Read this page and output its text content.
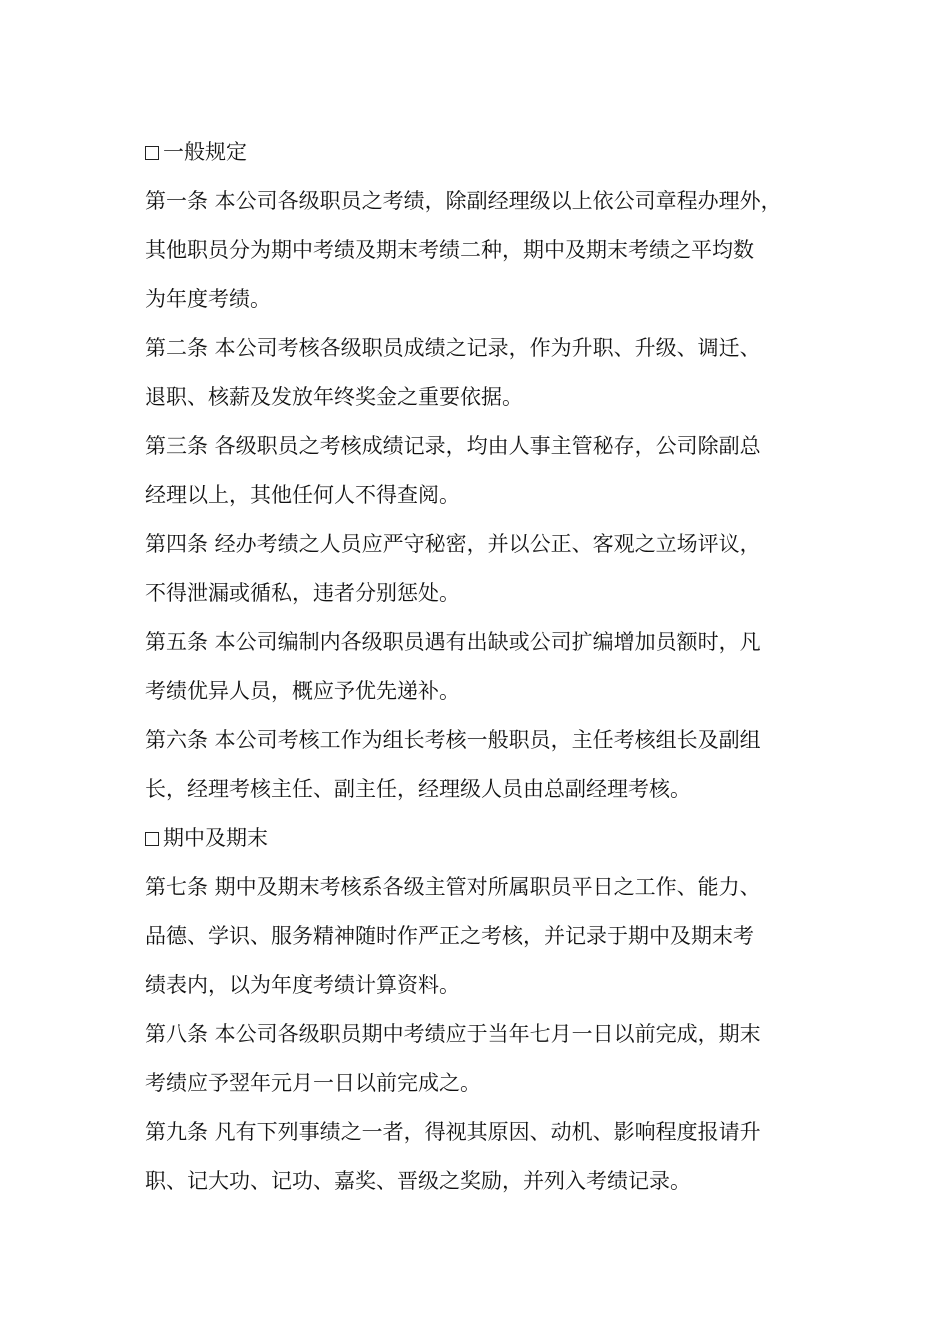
一般规定
第一条 本公司各级职员之考绩，除副经理级以上依公司章程办理外，
其他职员分为期中考绩及期末考绩二种，期中及期末考绩之平均数
为年度考绩。
第二条 本公司考核各级职员成绩之记录，作为升职、升级、调迁、
退职、核薪及发放年终奖金之重要依据。
第三条 各级职员之考核成绩记录，均由人事主管秘存，公司除副总
经理以上，其他任何人不得查阅。
第四条 经办考绩之人员应严守秘密，并以公正、客观之立场评议，
不得泄漏或循私，违者分别惩处。
第五条 本公司编制内各级职员遇有出缺或公司扩编增加员额时，凡
考绩优异人员，概应予优先递补。
第六条 本公司考核工作为组长考核一般职员，主任考核组长及副组
长，经理考核主任、副主任，经理级人员由总副经理考核。
期中及期末
第七条 期中及期末考核系各级主管对所属职员平日之工作、能力、
品德、学识、服务精神随时作严正之考核，并记录于期中及期末考
绩表内，以为年度考绩计算资料。
第八条 本公司各级职员期中考绩应于当年七月一日以前完成，期末
考绩应予翌年元月一日以前完成之。
第九条 凡有下列事绩之一者，得视其原因、动机、影响程度报请升
职、记大功、记功、嘉奖、晋级之奖励，并列入考绩记录。
